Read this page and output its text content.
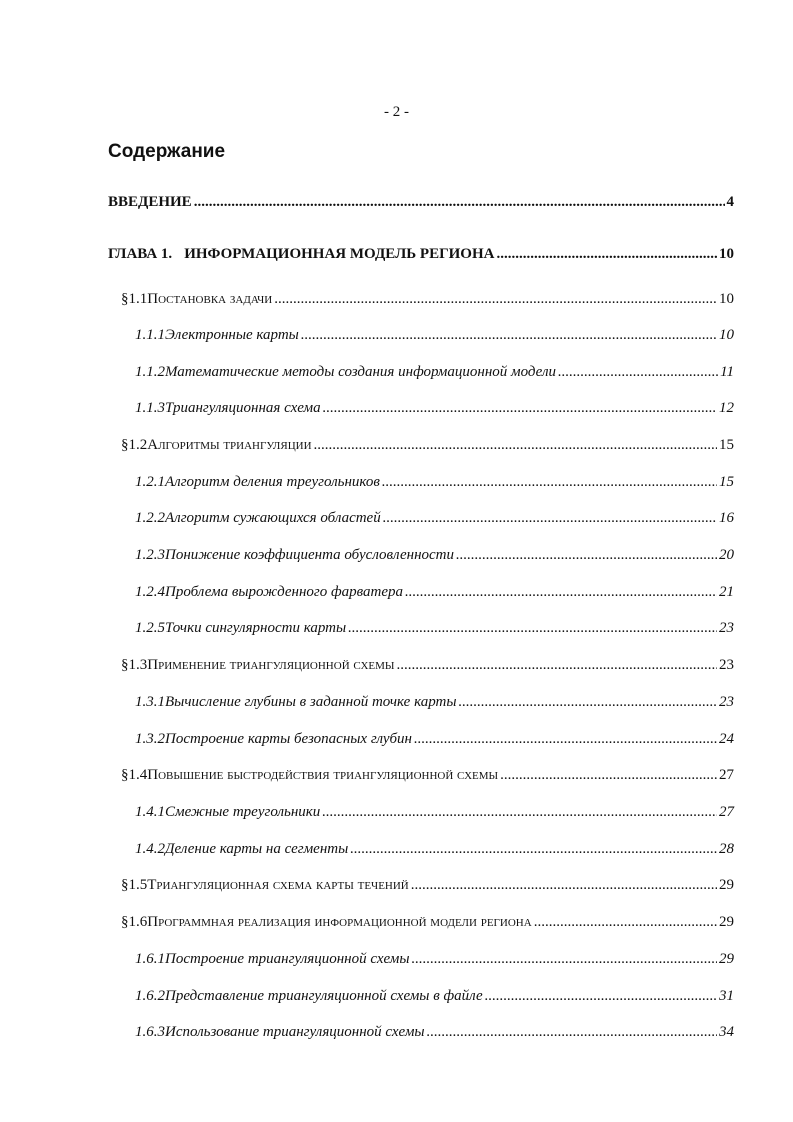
- 2 -
Содержание
ВВЕДЕНИЕ .....	4
ГЛАВА 1. ИНФОРМАЦИОННАЯ МОДЕЛЬ РЕГИОНА .....	10
§1.1 Постановка задачи .....	10
1.1.1 Электронные карты .....	10
1.1.2 Математические методы создания информационной модели .....	11
1.1.3 Триангуляционная схема .....	12
§1.2 Алгоритмы триангуляции .....	15
1.2.1 Алгоритм деления треугольников .....	15
1.2.2 Алгоритм сужающихся областей .....	16
1.2.3 Понижение коэффициента обусловленности .....	20
1.2.4 Проблема вырожденного фарватера .....	21
1.2.5 Точки сингулярности карты .....	23
§1.3 Применение триангуляционной схемы .....	23
1.3.1 Вычисление глубины в заданной точке карты .....	23
1.3.2 Построение карты безопасных глубин .....	24
§1.4 Повышение быстродействия триангуляционной схемы .....	27
1.4.1 Смежные треугольники .....	27
1.4.2 Деление карты на сегменты .....	28
§1.5 Триангуляционная схема карты течений .....	29
§1.6 Программная реализация информационной модели региона .....	29
1.6.1 Построение триангуляционной схемы .....	29
1.6.2 Представление триангуляционной схемы в файле .....	31
1.6.3 Использование триангуляционной схемы .....	34
